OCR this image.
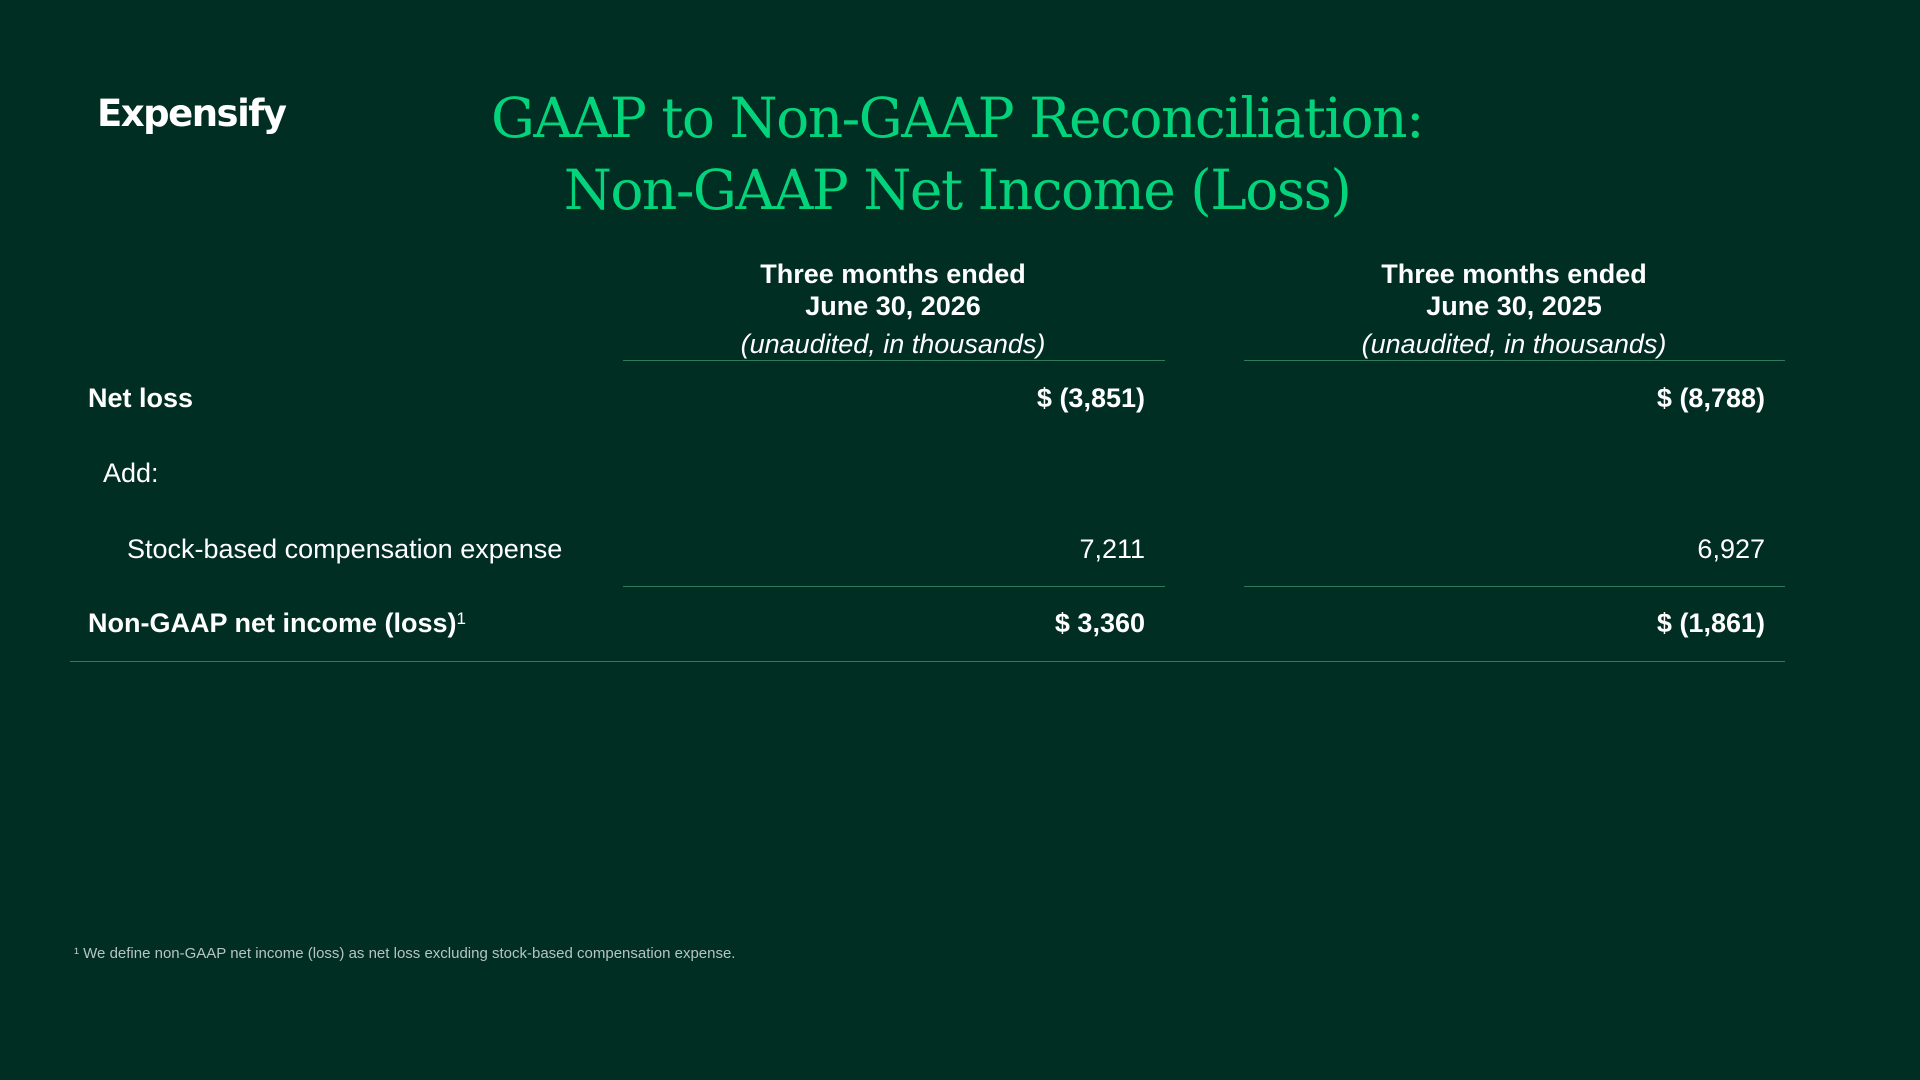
Expensify	GAAP to Non-GAAP Reconciliation:
Non-GAAP Net Income (Loss)
Three months ended
June 30, 2026
(unaudited, in thousands)
Three months ended
June 30, 2025
(unaudited, in thousands)
Net loss	$ (3,851)	$ (8,788)
Add:
Stock-based compensation expense	7,211	6,927
Non-GAAP net income (loss)$^1$	$ 3,360	$ (1,861)
¹ We define non-GAAP net income (loss) as net loss excluding stock-based compensation expense.
